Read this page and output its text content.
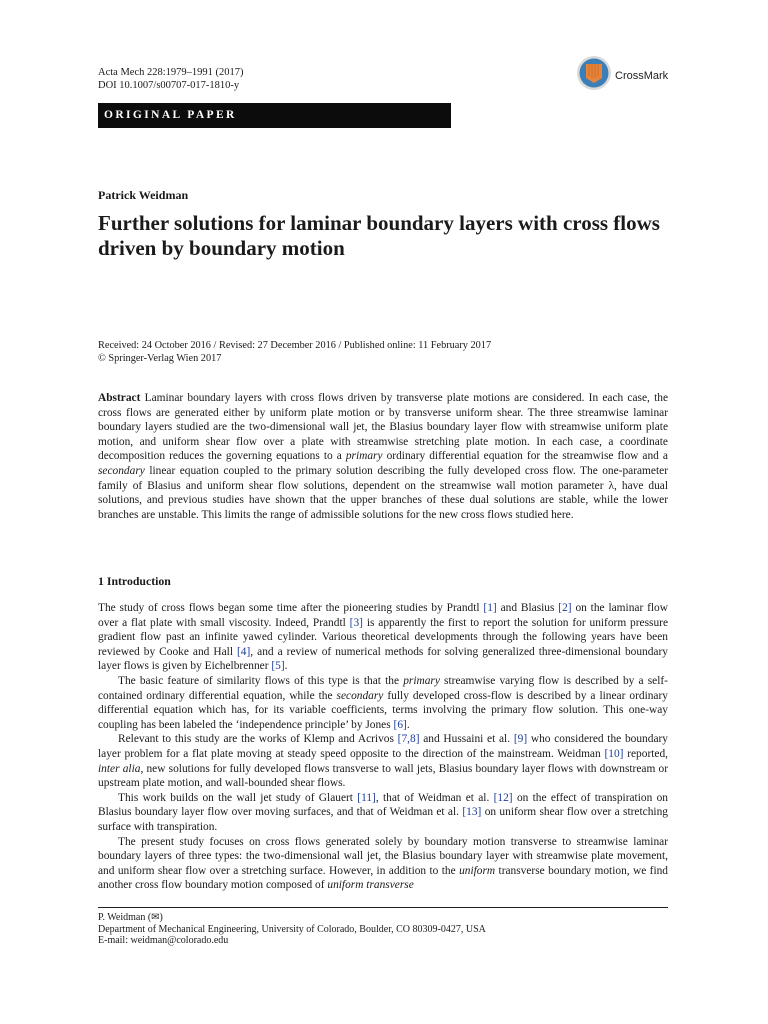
Acta Mech 228:1979–1991 (2017)
DOI 10.1007/s00707-017-1810-y
CrossMark
ORIGINAL PAPER
Patrick Weidman
Further solutions for laminar boundary layers with cross flows driven by boundary motion
Received: 24 October 2016 / Revised: 27 December 2016 / Published online: 11 February 2017
© Springer-Verlag Wien 2017
Abstract Laminar boundary layers with cross flows driven by transverse plate motions are considered. In each case, the cross flows are generated either by uniform plate motion or by transverse uniform shear. The three streamwise laminar boundary layers studied are the two-dimensional wall jet, the Blasius boundary layer flow with streamwise uniform plate motion, and uniform shear flow over a plate with streamwise stretching plate motion. In each case, a coordinate decomposition reduces the governing equations to a primary ordinary differential equation for the streamwise flow and a secondary linear equation coupled to the primary solution describing the fully developed cross flow. The one-parameter family of Blasius and uniform shear flow solutions, dependent on the streamwise wall motion parameter λ, have dual solutions, and previous studies have shown that the upper branches of these dual solutions are stable, while the lower branches are unstable. This limits the range of admissible solutions for the new cross flows studied here.
1 Introduction

The study of cross flows began some time after the pioneering studies by Prandtl [1] and Blasius [2] on the laminar flow over a flat plate with small viscosity. Indeed, Prandtl [3] is apparently the first to report the solution for uniform pressure gradient flow past an infinite yawed cylinder. Various theoretical developments through the following years have been reviewed by Cooke and Hall [4], and a review of numerical methods for solving generalized three-dimensional boundary layer flows is given by Eichelbrenner [5].

The basic feature of similarity flows of this type is that the primary streamwise varying flow is described by a self-contained ordinary differential equation, while the secondary fully developed cross-flow is described by a linear ordinary differential equation which has, for its variable coefficients, terms involving the primary flow solution. This one-way coupling has been labeled the ‘independence principle’ by Jones [6].

Relevant to this study are the works of Klemp and Acrivos [7,8] and Hussaini et al. [9] who considered the boundary layer problem for a flat plate moving at steady speed opposite to the direction of the mainstream. Weidman [10] reported, inter alia, new solutions for fully developed flows transverse to wall jets, Blasius boundary layer flows with downstream or upstream plate motion, and wall-bounded shear flows.

This work builds on the wall jet study of Glauert [11], that of Weidman et al. [12] on the effect of transpiration on Blasius boundary layer flow over moving surfaces, and that of Weidman et al. [13] on uniform shear flow over a stretching surface with transpiration.

The present study focuses on cross flows generated solely by boundary motion transverse to streamwise laminar boundary layers of three types: the two-dimensional wall jet, the Blasius boundary layer with streamwise plate movement, and uniform shear flow over a stretching surface. However, in addition to the uniform transverse boundary motion, we find another cross flow boundary motion composed of uniform transverse

P. Weidman (✉)
Department of Mechanical Engineering, University of Colorado, Boulder, CO 80309-0427, USA
E-mail: weidman@colorado.edu
